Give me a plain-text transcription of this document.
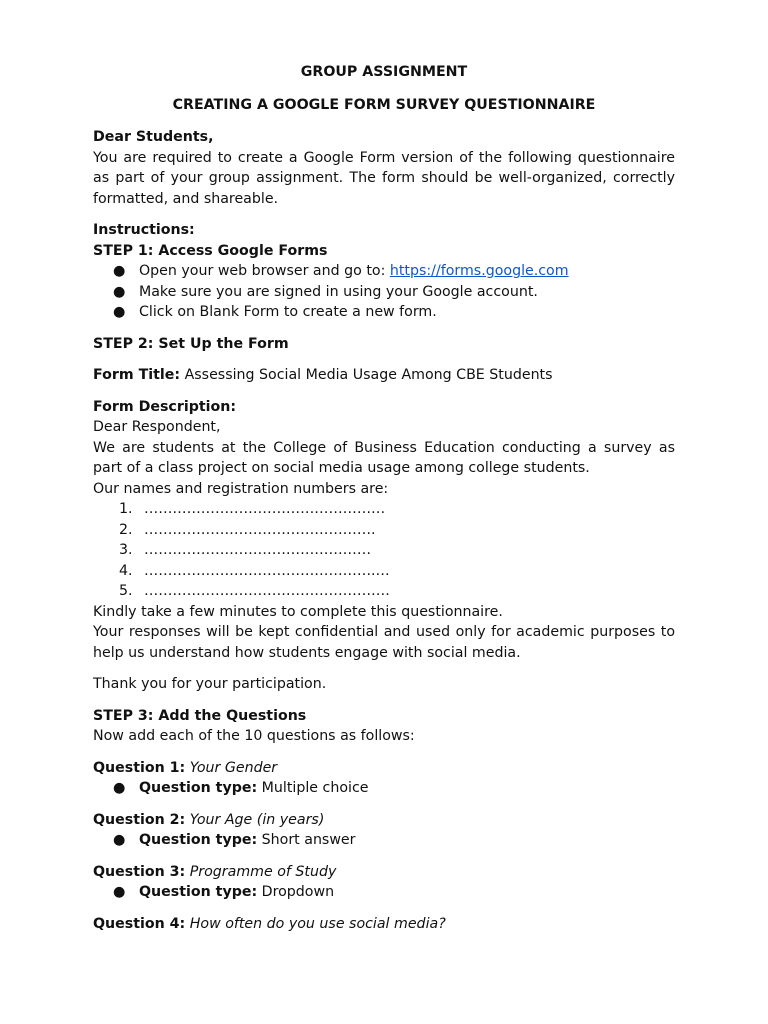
GROUP ASSIGNMENT

CREATING A GOOGLE FORM SURVEY QUESTIONNAIRE

Dear Students,

You are required to create a Google Form version of the following questionnaire as part of your group assignment. The form should be well-organized, correctly formatted, and shareable.

Instructions:

STEP 1: Access Google Forms

● Open your web browser and go to: https://forms.google.com
● Make sure you are signed in using your Google account.
● Click on Blank Form to create a new form.

STEP 2: Set Up the Form

Form Title: Assessing Social Media Usage Among CBE Students

Form Description:

Dear Respondent,

We are students at the College of Business Education conducting a survey as part of a class project on social media usage among college students.

Our names and registration numbers are:

1. ……………………………………………
2. ………………………………………….
3. …………………………………………
4. ………………………………………….…
5. …………………………………………….

Kindly take a few minutes to complete this questionnaire.

Your responses will be kept confidential and used only for academic purposes to help us understand how students engage with social media.

Thank you for your participation.

STEP 3: Add the Questions

Now add each of the 10 questions as follows:

Question 1: Your Gender

● Question type: Multiple choice

Question 2: Your Age (in years)

● Question type: Short answer

Question 3: Programme of Study

● Question type: Dropdown

Question 4: How often do you use social media?
